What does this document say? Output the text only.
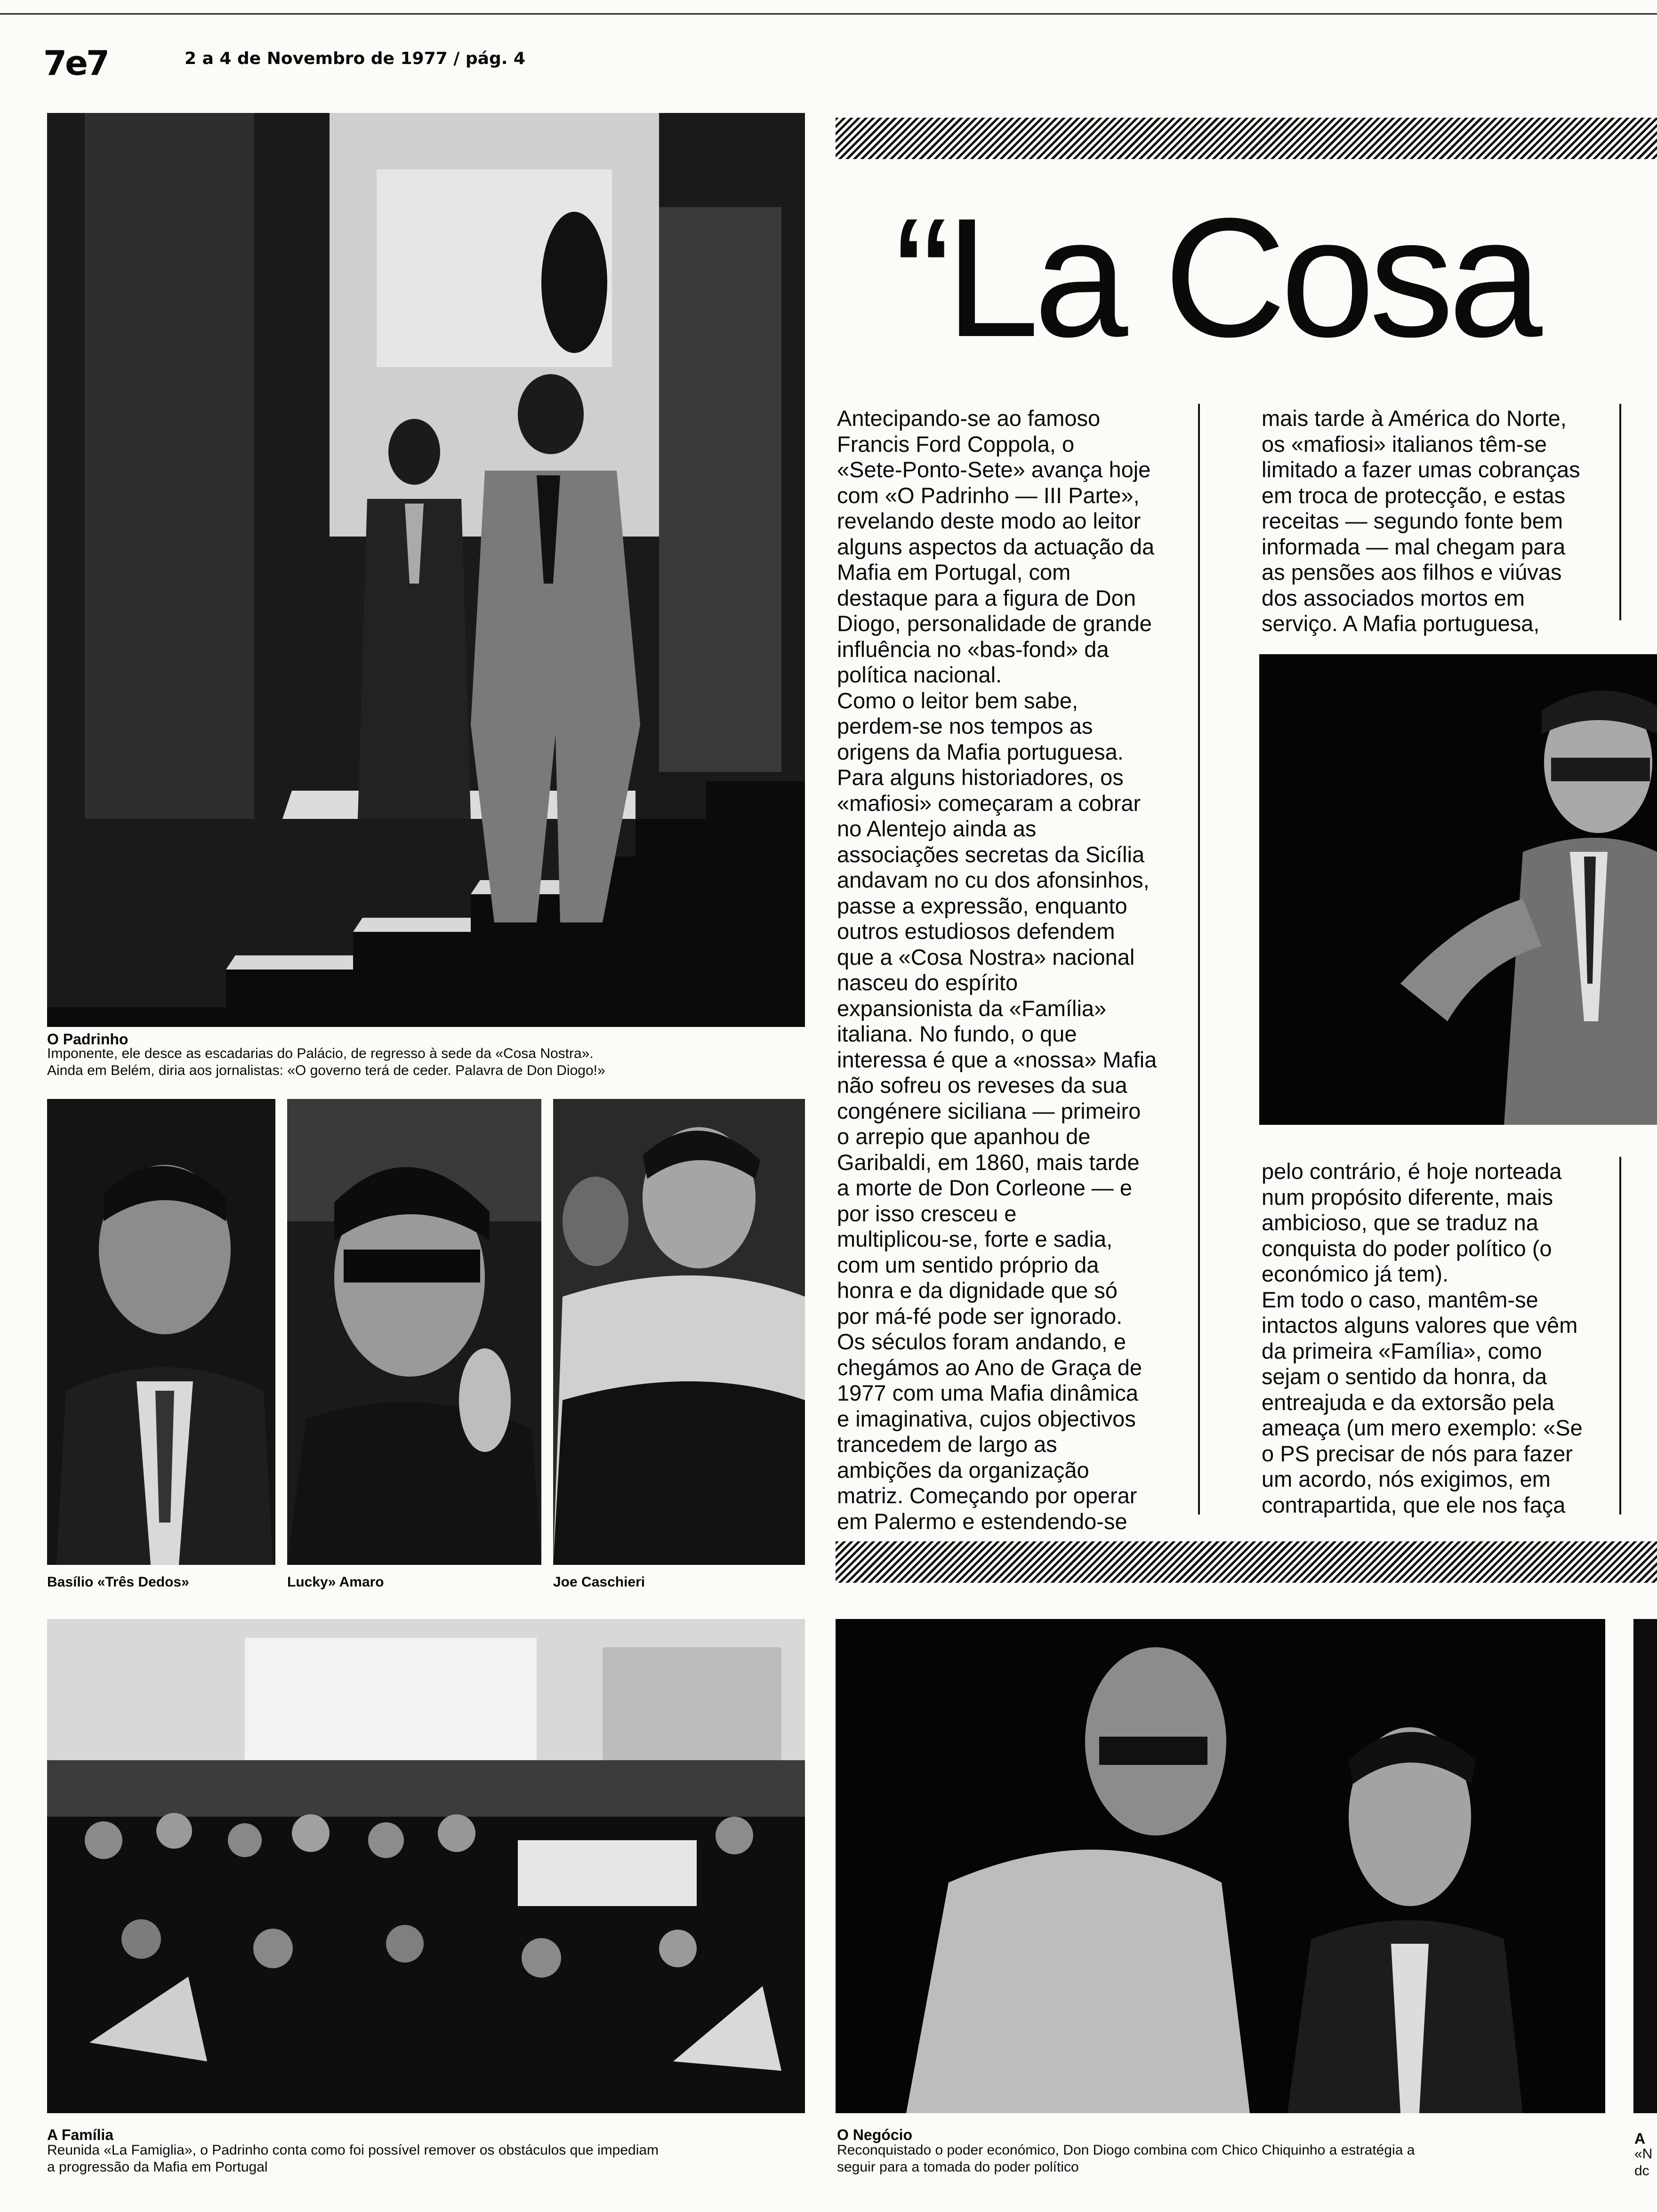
7e7	2 a 4 de Novembro de 1977 / pág. 4
O Padrinho
Imponente, ele desce as escadarias do Palácio, de regresso à sede da «Cosa Nostra».
Ainda em Belém, diria aos jornalistas: «O governo terá de ceder. Palavra de Don Diogo!»
Basílio «Três Dedos»	Lucky» Amaro	Joe Caschieri
A Família
Reunida «La Famiglia», o Padrinho conta como foi possível remover os obstáculos que impediam
a progressão da Mafia em Portugal
“La Cosa
Antecipando-se ao famoso
Francis Ford Coppola, o
«Sete-Ponto-Sete» avança hoje
com «O Padrinho — III Parte»,
revelando deste modo ao leitor
alguns aspectos da actuação da
Mafia em Portugal, com
destaque para a figura de Don
Diogo, personalidade de grande
influência no «bas-fond» da
política nacional.
Como o leitor bem sabe,
perdem-se nos tempos as
origens da Mafia portuguesa.
Para alguns historiadores, os
«mafiosi» começaram a cobrar
no Alentejo ainda as
associações secretas da Sicília
andavam no cu dos afonsinhos,
passe a expressão, enquanto
outros estudiosos defendem
que a «Cosa Nostra» nacional
nasceu do espírito
expansionista da «Família»
italiana. No fundo, o que
interessa é que a «nossa» Mafia
não sofreu os reveses da sua
congénere siciliana — primeiro
o arrepio que apanhou de
Garibaldi, em 1860, mais tarde
a morte de Don Corleone — e
por isso cresceu e
multiplicou-se, forte e sadia,
com um sentido próprio da
honra e da dignidade que só
por má-fé pode ser ignorado.
Os séculos foram andando, e
chegámos ao Ano de Graça de
1977 com uma Mafia dinâmica
e imaginativa, cujos objectivos
trancedem de largo as
ambições da organização
matriz. Começando por operar
em Palermo e estendendo-se
mais tarde à América do Norte,
os «mafiosi» italianos têm-se
limitado a fazer umas cobranças
em troca de protecção, e estas
receitas — segundo fonte bem
informada — mal chegam para
as pensões aos filhos e viúvas
dos associados mortos em
serviço. A Mafia portuguesa,
pelo contrário, é hoje norteada
num propósito diferente, mais
ambicioso, que se traduz na
conquista do poder político (o
económico já tem).
Em todo o caso, mantêm-se
intactos alguns valores que vêm
da primeira «Família», como
sejam o sentido da honra, da
entreajuda e da extorsão pela
ameaça (um mero exemplo: «Se
o PS precisar de nós para fazer
um acordo, nós exigimos, em
contrapartida, que ele nos faça
O Negócio
Reconquistado o poder económico, Don Diogo combina com Chico Chiquinho a estratégia a
seguir para a tomada do poder político
A
«N
dc
